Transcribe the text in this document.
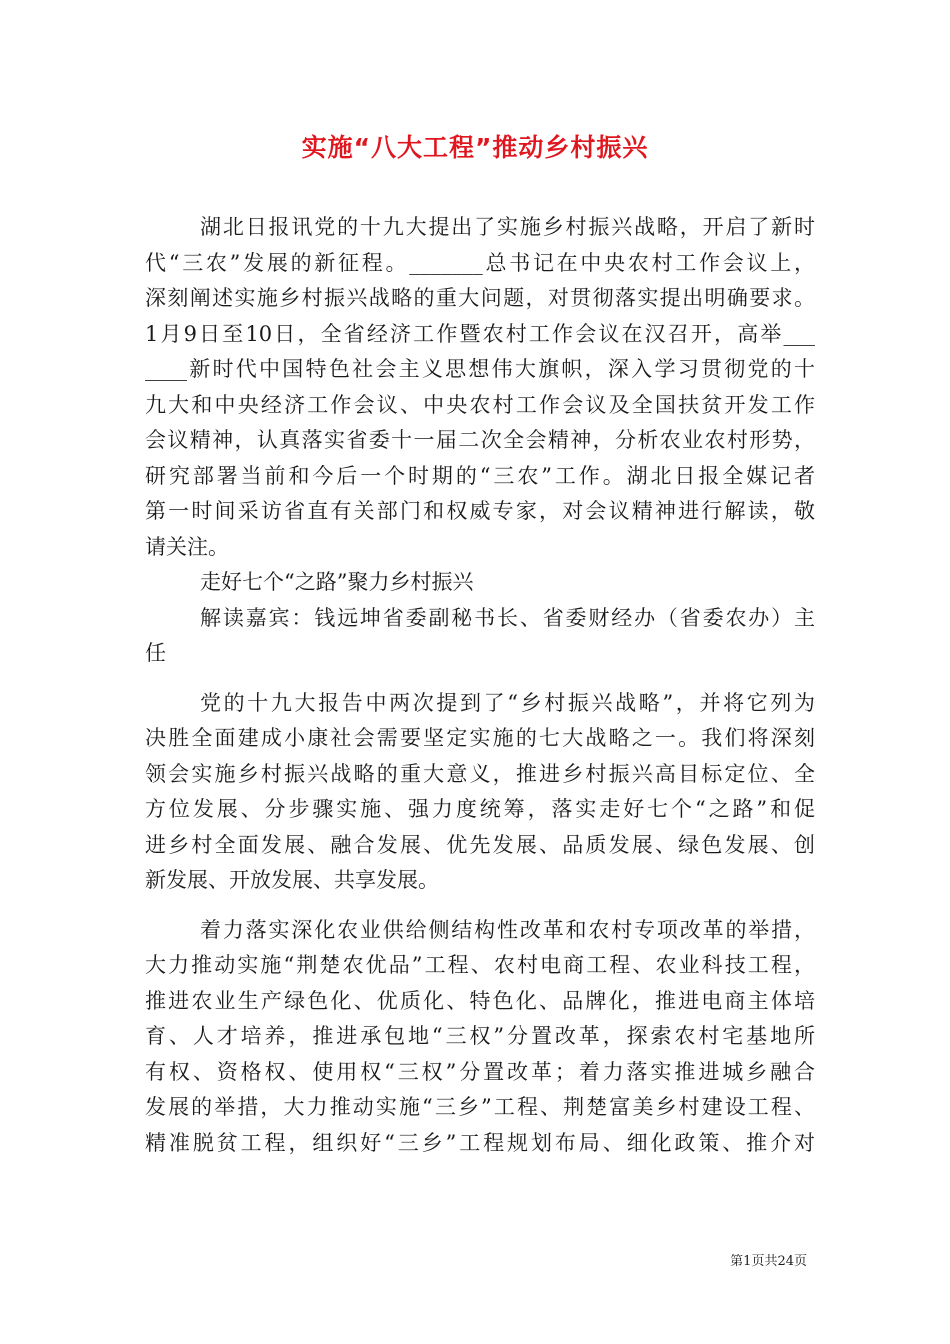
实施“八大工程”推动乡村振兴
湖北日报讯党的十九大提出了实施乡村振兴战略，开启了新时
代“三农”发展的新征程。_______总书记在中央农村工作会议上，
深刻阐述实施乡村振兴战略的重大问题，对贯彻落实提出明确要求。
1月9日至10日，全省经济工作暨农村工作会议在汉召开，高举___
____新时代中国特色社会主义思想伟大旗帜，深入学习贯彻党的十
九大和中央经济工作会议、中央农村工作会议及全国扶贫开发工作
会议精神，认真落实省委十一届二次全会精神，分析农业农村形势，
研究部署当前和今后一个时期的“三农”工作。湖北日报全媒记者
第一时间采访省直有关部门和权威专家，对会议精神进行解读，敬
请关注。
走好七个“之路”聚力乡村振兴
解读嘉宾：钱远坤省委副秘书长、省委财经办（省委农办）主
任
党的十九大报告中两次提到了“乡村振兴战略”，并将它列为
决胜全面建成小康社会需要坚定实施的七大战略之一。我们将深刻
领会实施乡村振兴战略的重大意义，推进乡村振兴高目标定位、全
方位发展、分步骤实施、强力度统筹，落实走好七个“之路”和促
进乡村全面发展、融合发展、优先发展、品质发展、绿色发展、创
新发展、开放发展、共享发展。
着力落实深化农业供给侧结构性改革和农村专项改革的举措，
大力推动实施“荆楚农优品”工程、农村电商工程、农业科技工程，
推进农业生产绿色化、优质化、特色化、品牌化，推进电商主体培
育、人才培养，推进承包地“三权”分置改革，探索农村宅基地所
有权、资格权、使用权“三权”分置改革；着力落实推进城乡融合
发展的举措，大力推动实施“三乡”工程、荆楚富美乡村建设工程、
精准脱贫工程，组织好“三乡”工程规划布局、细化政策、推介对
第1页共24页
